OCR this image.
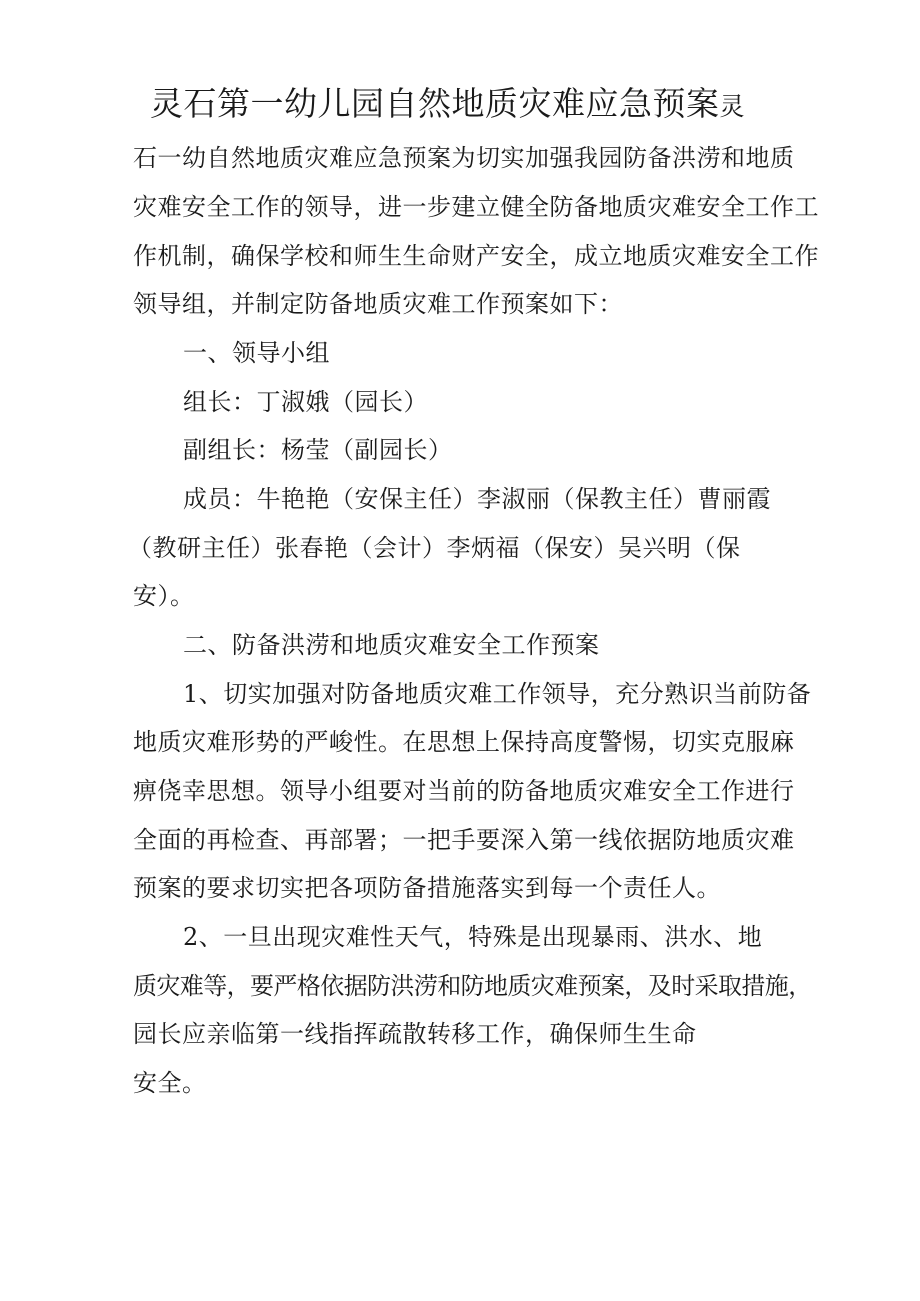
灵石第一幼儿园自然地质灾难应急预案灵
石一幼自然地质灾难应急预案为切实加强我园防备洪涝和地质
灾难安全工作的领导，进一步建立健全防备地质灾难安全工作工
作机制，确保学校和师生生命财产安全，成立地质灾难安全工作
领导组，并制定防备地质灾难工作预案如下：
一、领导小组
组长：丁淑娥（园长）
副组长：杨莹（副园长）
成员：牛艳艳（安保主任）李淑丽（保教主任）曹丽霞
（教研主任）张春艳（会计）李炳福（保安）吴兴明（保
安）。
二、防备洪涝和地质灾难安全工作预案
1、切实加强对防备地质灾难工作领导，充分熟识当前防备
地质灾难形势的严峻性。在思想上保持高度警惕，切实克服麻
痹侥幸思想。领导小组要对当前的防备地质灾难安全工作进行
全面的再检查、再部署；一把手要深入第一线依据防地质灾难
预案的要求切实把各项防备措施落实到每一个责任人。
2、一旦出现灾难性天气，特殊是出现暴雨、洪水、地
质灾难等，要严格依据防洪涝和防地质灾难预案，及时采取措施，
园长应亲临第一线指挥疏散转移工作，确保师生生命
安全。
